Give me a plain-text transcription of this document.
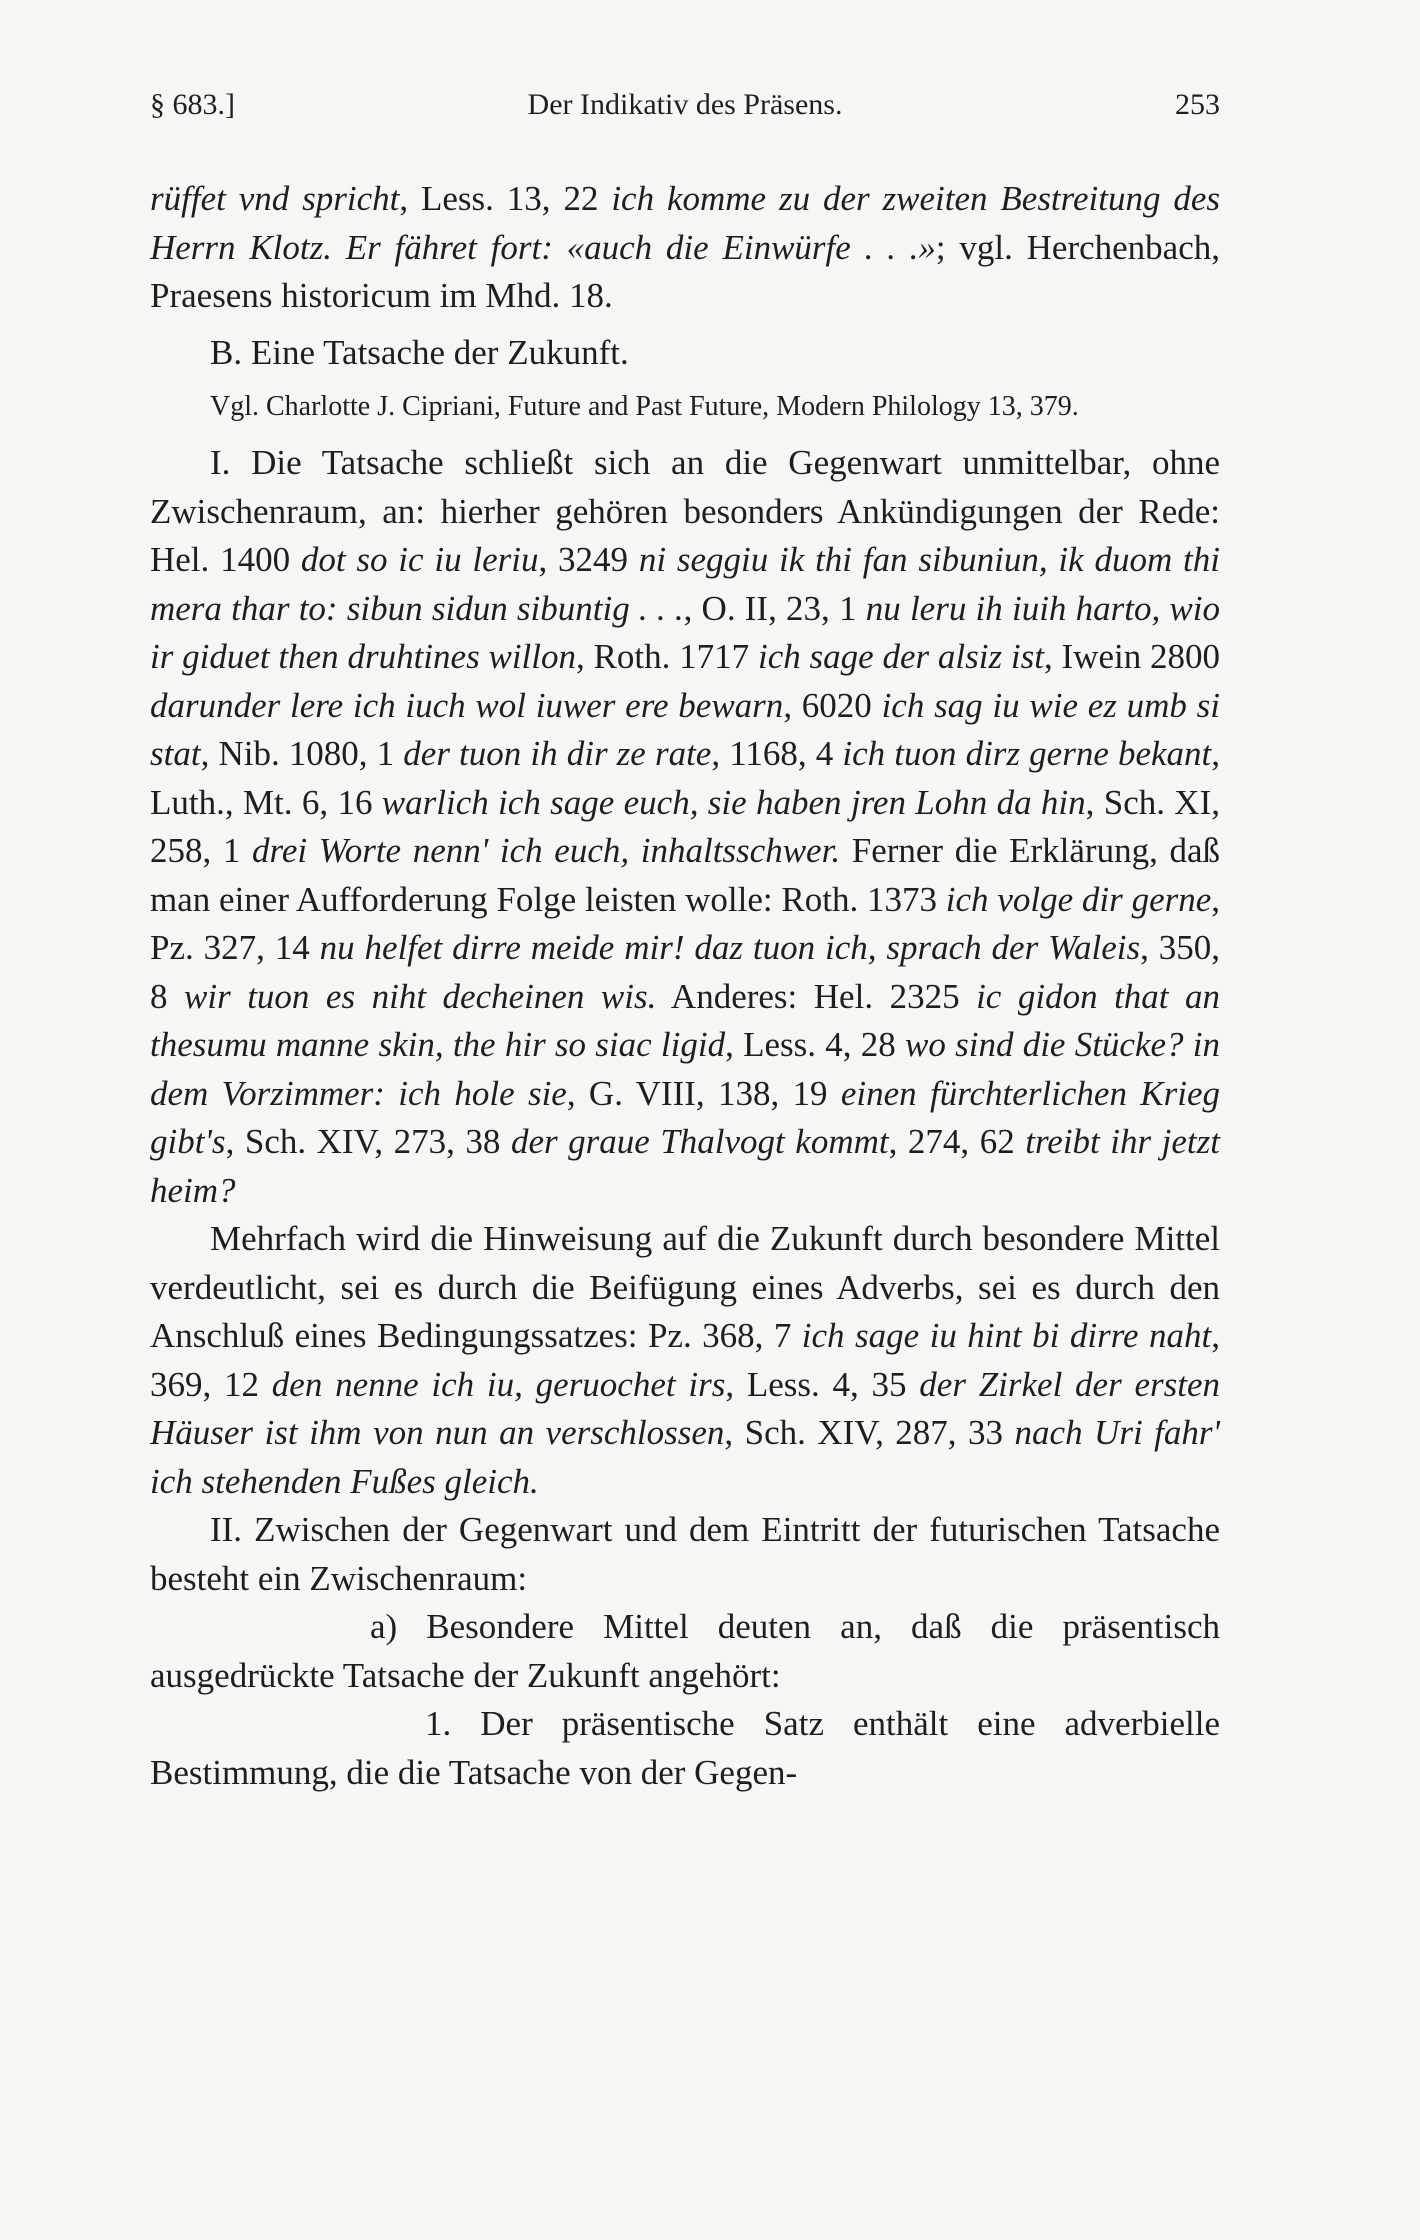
§ 683.]	Der Indikativ des Präsens.	253

rüffet vnd spricht, Less. 13, 22 ich komme zu der zweiten Bestreitung des Herrn Klotz. Er fähret fort: «auch die Einwürfe . . .»; vgl. Herchenbach, Praesens historicum im Mhd. 18.

B. Eine Tatsache der Zukunft.

Vgl. Charlotte J. Cipriani, Future and Past Future, Modern Philology 13, 379.

I. Die Tatsache schließt sich an die Gegenwart unmittelbar, ohne Zwischenraum, an: hierher gehören besonders Ankündigungen der Rede: Hel. 1400 dot so ic iu leriu, 3249 ni seggiu ik thi fan sibuniun, ik duom thi mera thar to: sibun sidun sibuntig . . ., O. II, 23, 1 nu leru ih iuih harto, wio ir giduet then druhtines willon, Roth. 1717 ich sage der alsiz ist, Iwein 2800 darunder lere ich iuch wol iuwer ere bewarn, 6020 ich sag iu wie ez umb si stat, Nib. 1080, 1 der tuon ih dir ze rate, 1168, 4 ich tuon dirz gerne bekant, Luth., Mt. 6, 16 warlich ich sage euch, sie haben jren Lohn da hin, Sch. XI, 258, 1 drei Worte nenn' ich euch, inhaltsschwer. Ferner die Erklärung, daß man einer Aufforderung Folge leisten wolle: Roth. 1373 ich volge dir gerne, Pz. 327, 14 nu helfet dirre meide mir! daz tuon ich, sprach der Waleis, 350, 8 wir tuon es niht decheinen wis. Anderes: Hel. 2325 ic gidon that an thesumu manne skin, the hir so siac ligid, Less. 4, 28 wo sind die Stücke? in dem Vorzimmer: ich hole sie, G. VIII, 138, 19 einen fürchterlichen Krieg gibt's, Sch. XIV, 273, 38 der graue Thalvogt kommt, 274, 62 treibt ihr jetzt heim?

Mehrfach wird die Hinweisung auf die Zukunft durch besondere Mittel verdeutlicht, sei es durch die Beifügung eines Adverbs, sei es durch den Anschluß eines Bedingungssatzes: Pz. 368, 7 ich sage iu hint bi dirre naht, 369, 12 den nenne ich iu, geruochet irs, Less. 4, 35 der Zirkel der ersten Häuser ist ihm von nun an verschlossen, Sch. XIV, 287, 33 nach Uri fahr' ich stehenden Fußes gleich.

II. Zwischen der Gegenwart und dem Eintritt der futurischen Tatsache besteht ein Zwischenraum:

a) Besondere Mittel deuten an, daß die präsentisch ausgedrückte Tatsache der Zukunft angehört:

1. Der präsentische Satz enthält eine adverbielle Bestimmung, die die Tatsache von der Gegen-
